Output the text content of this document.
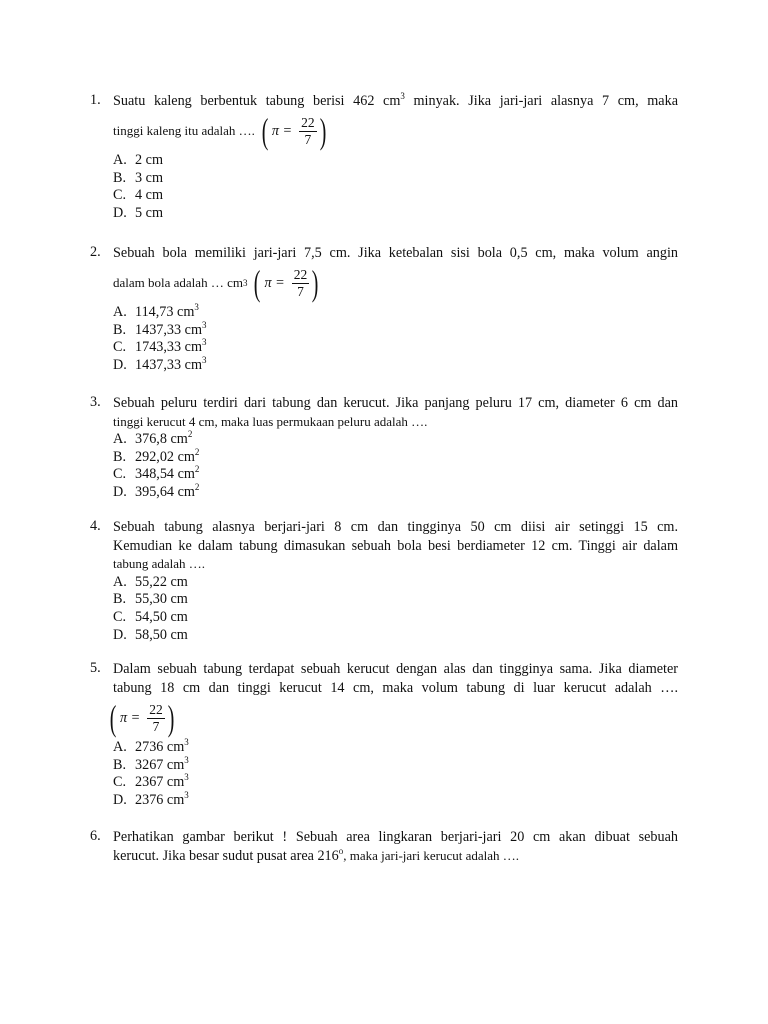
1. Suatu kaleng berbentuk tabung berisi 462 $cm^3$ minyak. Jika jari-jari alasnya 7 cm, maka
tinggi kaleng itu adalah …. ( $\pi = \frac{22}{7}$ )
A. 2 cm
B. 3 cm
C. 4 cm
D. 5 cm
2. Sebuah bola memiliki jari-jari 7,5 cm. Jika ketebalan sisi bola 0,5 cm, maka volum angin
dalam bola adalah … cm 3 ( $\pi = \frac{22}{7}$ )
A. 114,73 $cm^3$
B. 1437,33 $cm^3$
C. 1743,33 $cm^3$
D. 1437,33 $cm^3$
3. Sebuah peluru terdiri dari tabung dan kerucut. Jika panjang peluru 17 cm, diameter 6 cm dan
tinggi kerucut 4 cm, maka luas permukaan peluru adalah ….
A. 376,8 $cm^2$
B. 292,02 $cm^2$
C. 348,54 $cm^2$
D. 395,64 $cm^2$
4. Sebuah tabung alasnya berjari-jari 8 cm dan tingginya 50 cm diisi air setinggi 15 cm.
Kemudian ke dalam tabung dimasukan sebuah bola besi berdiameter 12 cm. Tinggi air dalam
tabung adalah ….
A. 55,22 cm
B. 55,30 cm
C. 54,50 cm
D. 58,50 cm
5. Dalam sebuah tabung terdapat sebuah kerucut dengan alas dan tingginya sama. Jika diameter
tabung 18 cm dan tinggi kerucut 14 cm, maka volum tabung di luar kerucut adalah ….
( $\pi = \frac{22}{7}$ )
A. 2736 $cm^3$
B. 3267 $cm^3$
C. 2367 $cm^3$
D. 2376 $cm^3$
6. Perhatikan gambar berikut ! Sebuah area lingkaran berjari-jari 20 cm akan dibuat sebuah
kerucut. Jika besar sudut pusat area 216$^o$, maka jari-jari kerucut adalah ….
